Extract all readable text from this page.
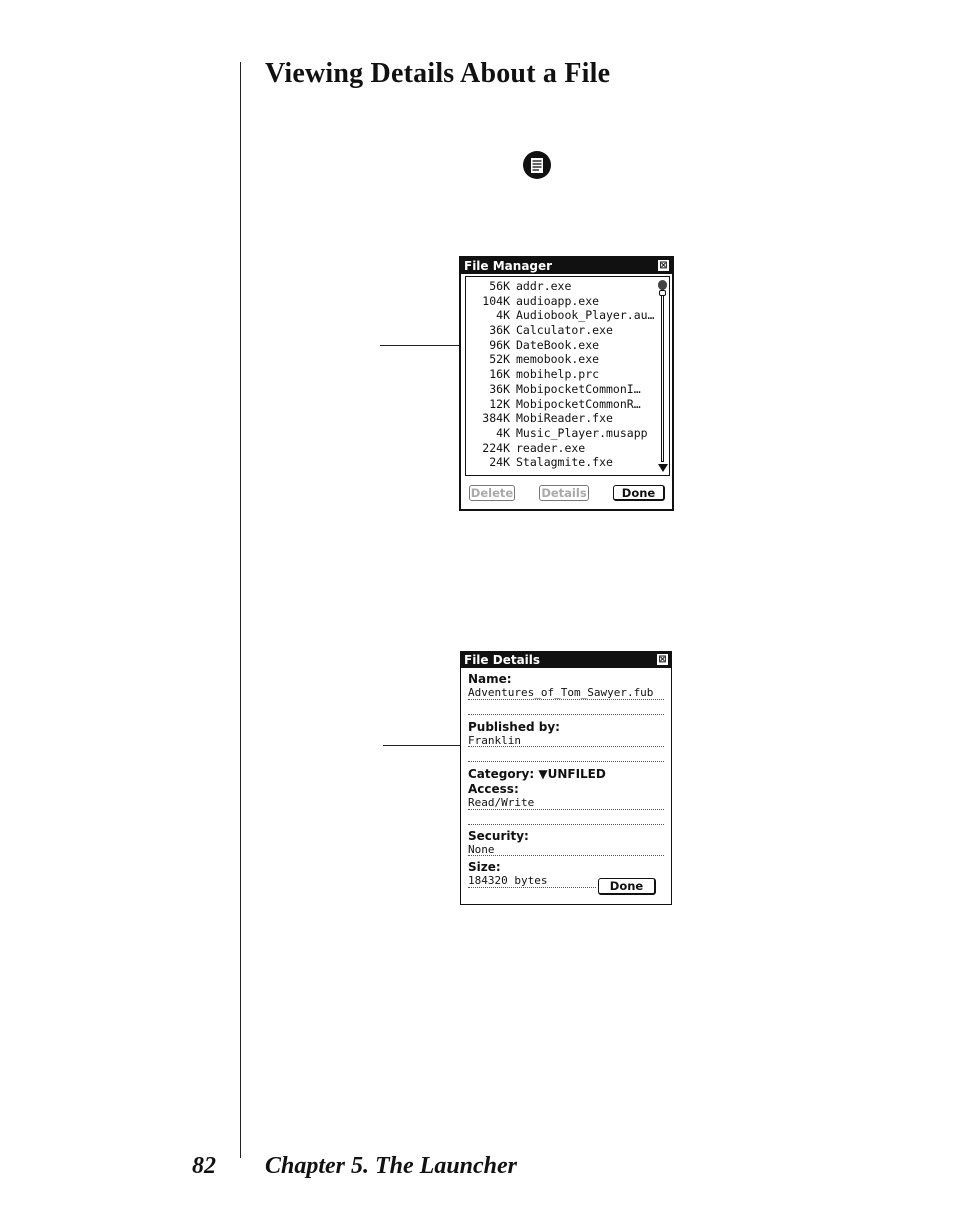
Viewing Details About a File
File Manager	⊠
56K addr.exe
104K audioapp.exe
4K Audiobook_Player.au…
36K Calculator.exe
96K DateBook.exe
52K memobook.exe
16K mobihelp.prc
36K MobipocketCommonI…
12K MobipocketCommonR…
384K MobiReader.fxe
4K Music_Player.musapp
224K reader.exe
24K Stalagmite.fxe
Delete Details	Done
File Details	⊠
Name:
Adventures_of_Tom_Sawyer.fub
Published by:
Franklin
Category: ▼UNFILED
Access:
Read/Write
Security:
None
Size:
184320 bytes	Done

82 Chapter 5. The Launcher
